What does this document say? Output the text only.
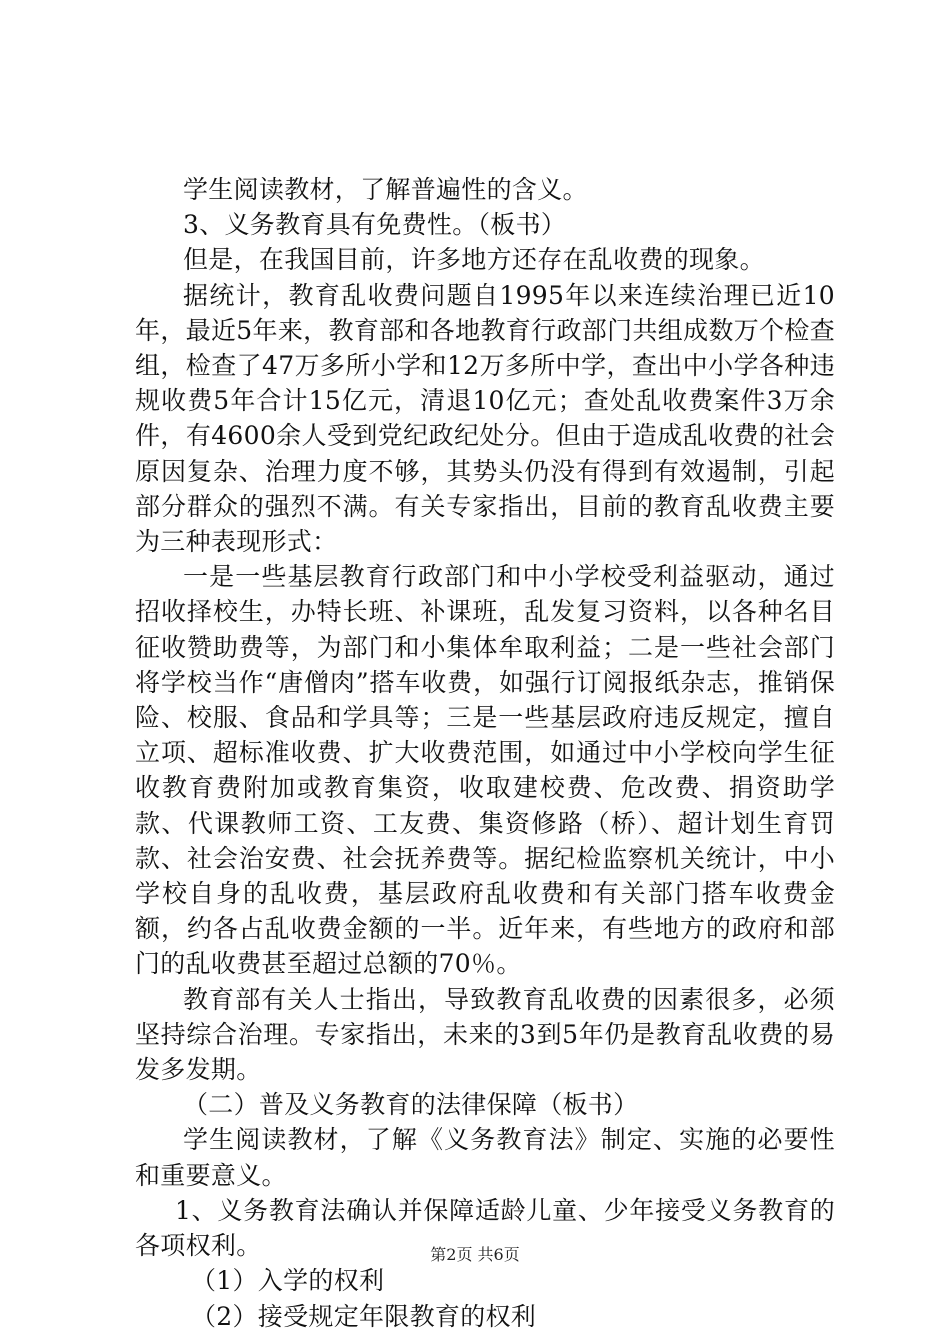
学生阅读教材，了解普遍性的含义。

3、义务教育具有免费性。（板书）

但是，在我国目前，许多地方还存在乱收费的现象。

据统计，教育乱收费问题自1995年以来连续治理已近10年，最近5年来，教育部和各地教育行政部门共组成数万个检查组，检查了47万多所小学和12万多所中学，查出中小学各种违规收费5年合计15亿元，清退10亿元；查处乱收费案件3万余件，有4600余人受到党纪政纪处分。但由于造成乱收费的社会原因复杂、治理力度不够，其势头仍没有得到有效遏制，引起部分群众的强烈不满。有关专家指出，目前的教育乱收费主要为三种表现形式：

一是一些基层教育行政部门和中小学校受利益驱动，通过招收择校生，办特长班、补课班，乱发复习资料，以各种名目征收赞助费等，为部门和小集体牟取利益；二是一些社会部门将学校当作“唐僧肉”搭车收费，如强行订阅报纸杂志，推销保险、校服、食品和学具等；三是一些基层政府违反规定，擅自立项、超标准收费、扩大收费范围，如通过中小学校向学生征收教育费附加或教育集资，收取建校费、危改费、捐资助学款、代课教师工资、工友费、集资修路（桥）、超计划生育罚款、社会治安费、社会抚养费等。据纪检监察机关统计，中小学校自身的乱收费，基层政府乱收费和有关部门搭车收费金额，约各占乱收费金额的一半。近年来，有些地方的政府和部门的乱收费甚至超过总额的70％。

教育部有关人士指出，导致教育乱收费的因素很多，必须坚持综合治理。专家指出，未来的3到5年仍是教育乱收费的易发多发期。

（二）普及义务教育的法律保障（板书）

学生阅读教材，了解《义务教育法》制定、实施的必要性和重要意义。

1、义务教育法确认并保障适龄儿童、少年接受义务教育的各项权利。

（1）入学的权利

（2）接受规定年限教育的权利

第2页 共6页
